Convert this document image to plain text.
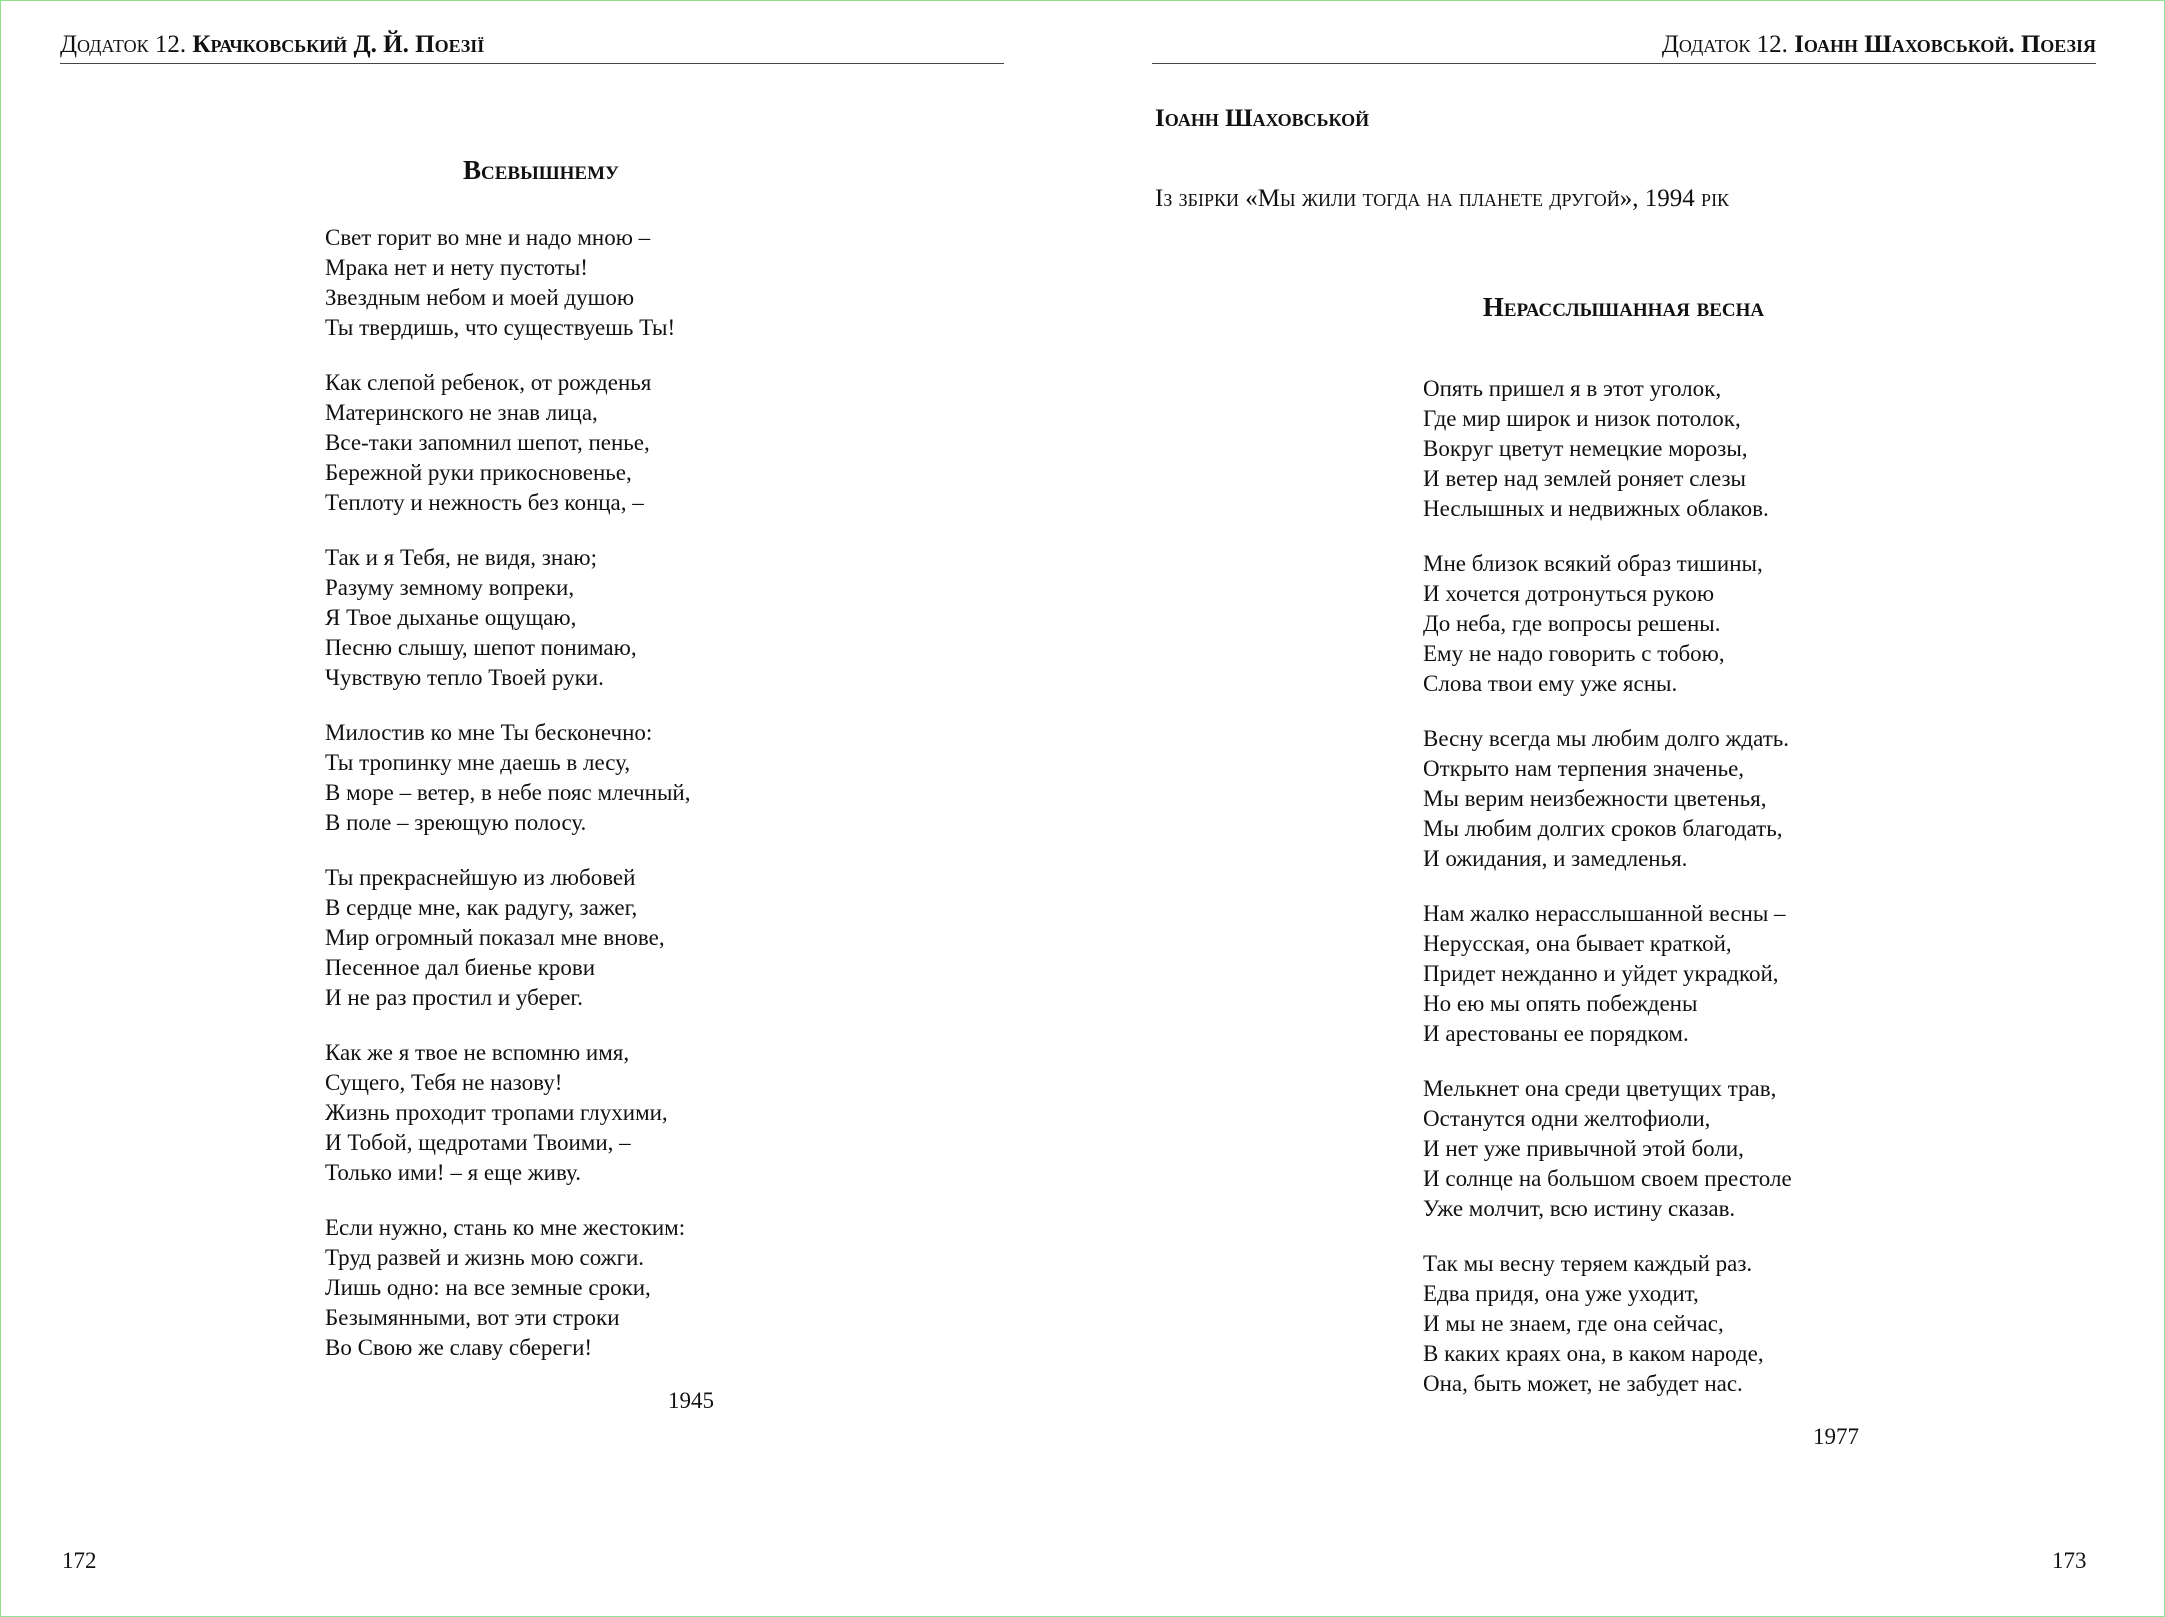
Додаток 12. Крачковський Д. Й. Поезії
Всевышнему
Свет горит во мне и надо мною –
Мрака нет и нету пустоты!
Звездным небом и моей душою
Ты твердишь, что существуешь Ты!
Как слепой ребенок, от рожденья
Материнского не знав лица,
Все-таки запомнил шепот, пенье,
Бережной руки прикосновенье,
Теплоту и нежность без конца, –
Так и я Тебя, не видя, знаю;
Разуму земному вопреки,
Я Твое дыханье ощущаю,
Песню слышу, шепот понимаю,
Чувствую тепло Твоей руки.
Милостив ко мне Ты бесконечно:
Ты тропинку мне даешь в лесу,
В море – ветер, в небе пояс млечный,
В поле – зреющую полосу.
Ты прекраснейшую из любовей
В сердце мне, как радугу, зажег,
Мир огромный показал мне внове,
Песенное дал биенье крови
И не раз простил и уберег.
Как же я твое не вспомню имя,
Сущего, Тебя не назову!
Жизнь проходит тропами глухими,
И Тобой, щедротами Твоими, –
Только ими! – я еще живу.
Если нужно, стань ко мне жестоким:
Труд развей и жизнь мою сожги.
Лишь одно: на все земные сроки,
Безымянными, вот эти строки
Во Свою же славу сбереги!
1945
172
Додаток 12. Іоанн Шаховськой. Поезія
Іоанн Шаховськой
Із збірки «Мы жили тогда на планете другой», 1994 рік
Нерасслышанная весна
Опять пришел я в этот уголок,
Где мир широк и низок потолок,
Вокруг цветут немецкие морозы,
И ветер над землей роняет слезы
Неслышных и недвижных облаков.
Мне близок всякий образ тишины,
И хочется дотронуться рукою
До неба, где вопросы решены.
Ему не надо говорить с тобою,
Слова твои ему уже ясны.
Весну всегда мы любим долго ждать.
Открыто нам терпения значенье,
Мы верим неизбежности цветенья,
Мы любим долгих сроков благодать,
И ожидания, и замедленья.
Нам жалко нерасслышанной весны –
Нерусская, она бывает краткой,
Придет нежданно и уйдет украдкой,
Но ею мы опять побеждены
И арестованы ее порядком.
Мелькнет она среди цветущих трав,
Останутся одни желтофиоли,
И нет уже привычной этой боли,
И солнце на большом своем престоле
Уже молчит, всю истину сказав.
Так мы весну теряем каждый раз.
Едва придя, она уже уходит,
И мы не знаем, где она сейчас,
В каких краях она, в каком народе,
Она, быть может, не забудет нас.
1977
173
